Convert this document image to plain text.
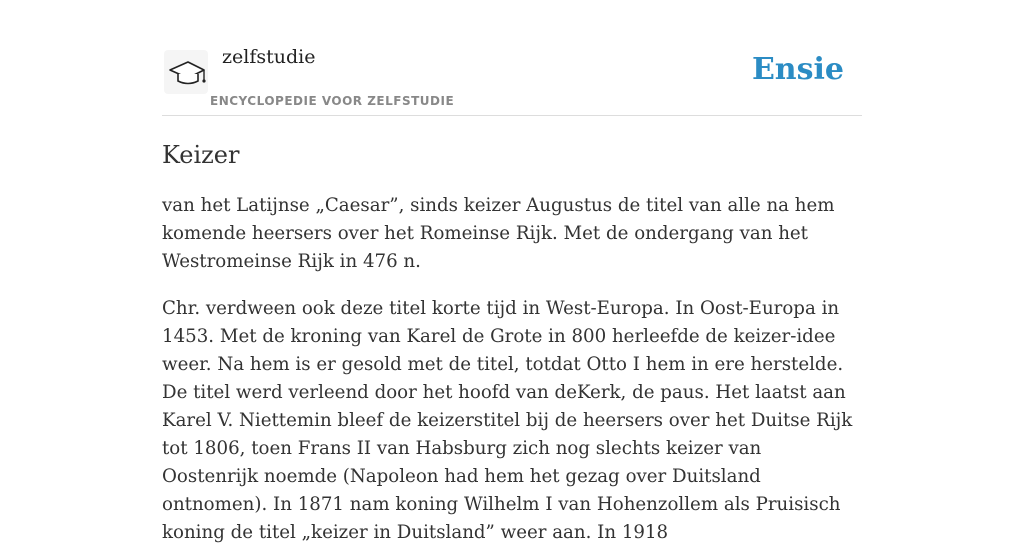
zelfstudie
ENCYCLOPEDIE VOOR ZELFSTUDIE
Ensie
Keizer

van het Latijnse „Caesar”, sinds keizer Augustus de titel van alle na hem komende heersers over het Romeinse Rijk. Met de ondergang van het Westromeinse Rijk in 476 n.

Chr. verdween ook deze titel korte tijd in West-Europa. In Oost-Europa in 1453. Met de kroning van Karel de Grote in 800 herleefde de keizer-idee weer. Na hem is er gesold met de titel, totdat Otto I hem in ere herstelde. De titel werd verleend door het hoofd van deKerk, de paus. Het laatst aan Karel V. Niettemin bleef de keizerstitel bij de heersers over het Duitse Rijk tot 1806, toen Frans II van Habsburg zich nog slechts keizer van Oostenrijk noemde (Napoleon had hem het gezag over Duitsland ontnomen). In 1871 nam koning Wilhelm I van Hohenzollem als Pruisisch koning de titel „keizer in Duitsland” weer aan. In 1918
